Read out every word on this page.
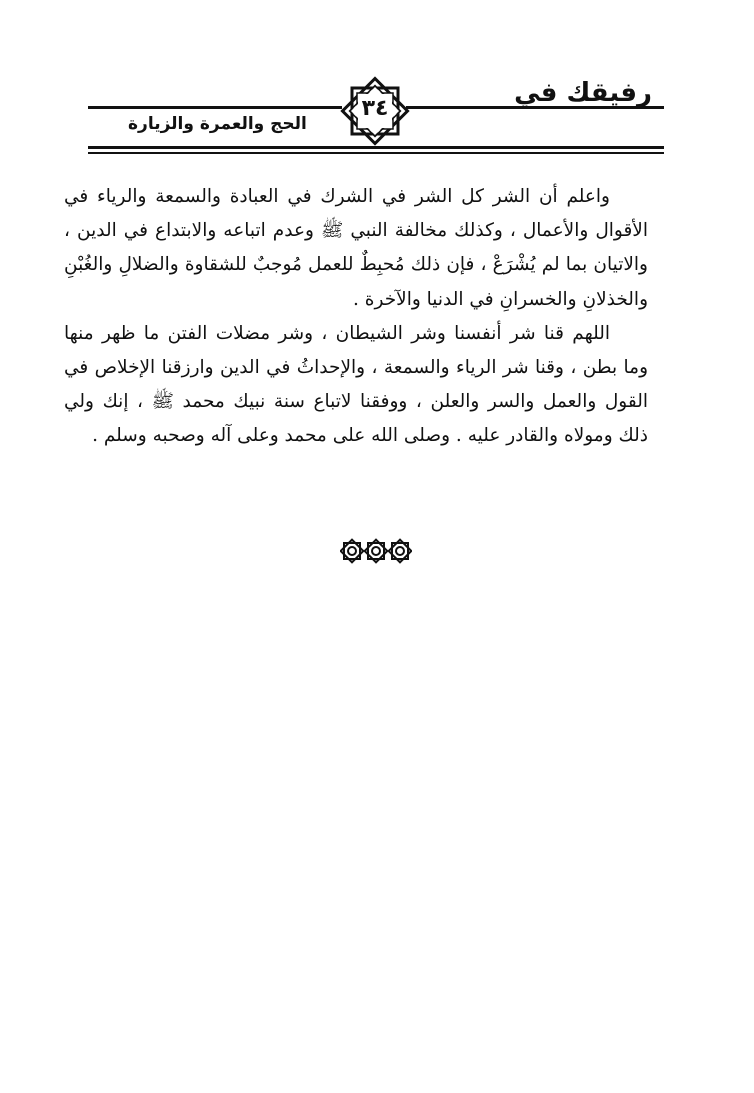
رفيقك في
الحج والعمرة والزيارة
٣٤

واعلم أن الشر كل الشر في الشرك في العبادة والسمعة والرياء في الأقوال والأعمال ، وكذلك مخالفة النبي ﷺ وعدم اتباعه والابتداع في الدين ، والاتيان بما لم يُشْرَعْ ، فإن ذلك مُحبِطٌ للعمل مُوجبٌ للشقاوة والضلالِ والغُبْنِ والخذلانِ والخسرانِ في الدنيا والآخرة .

اللهم قنا شر أنفسنا وشر الشيطان ، وشر مضلات الفتن ما ظهر منها وما بطن ، وقنا شر الرياء والسمعة ، والإحداثُ في الدين وارزقنا الإخلاص في القول والعمل والسر والعلن ، ووفقنا لاتباع سنة نبيك محمد ﷺ ، إنك ولي ذلك ومولاه والقادر عليه . وصلى الله على محمد وعلى آله وصحبه وسلم .
